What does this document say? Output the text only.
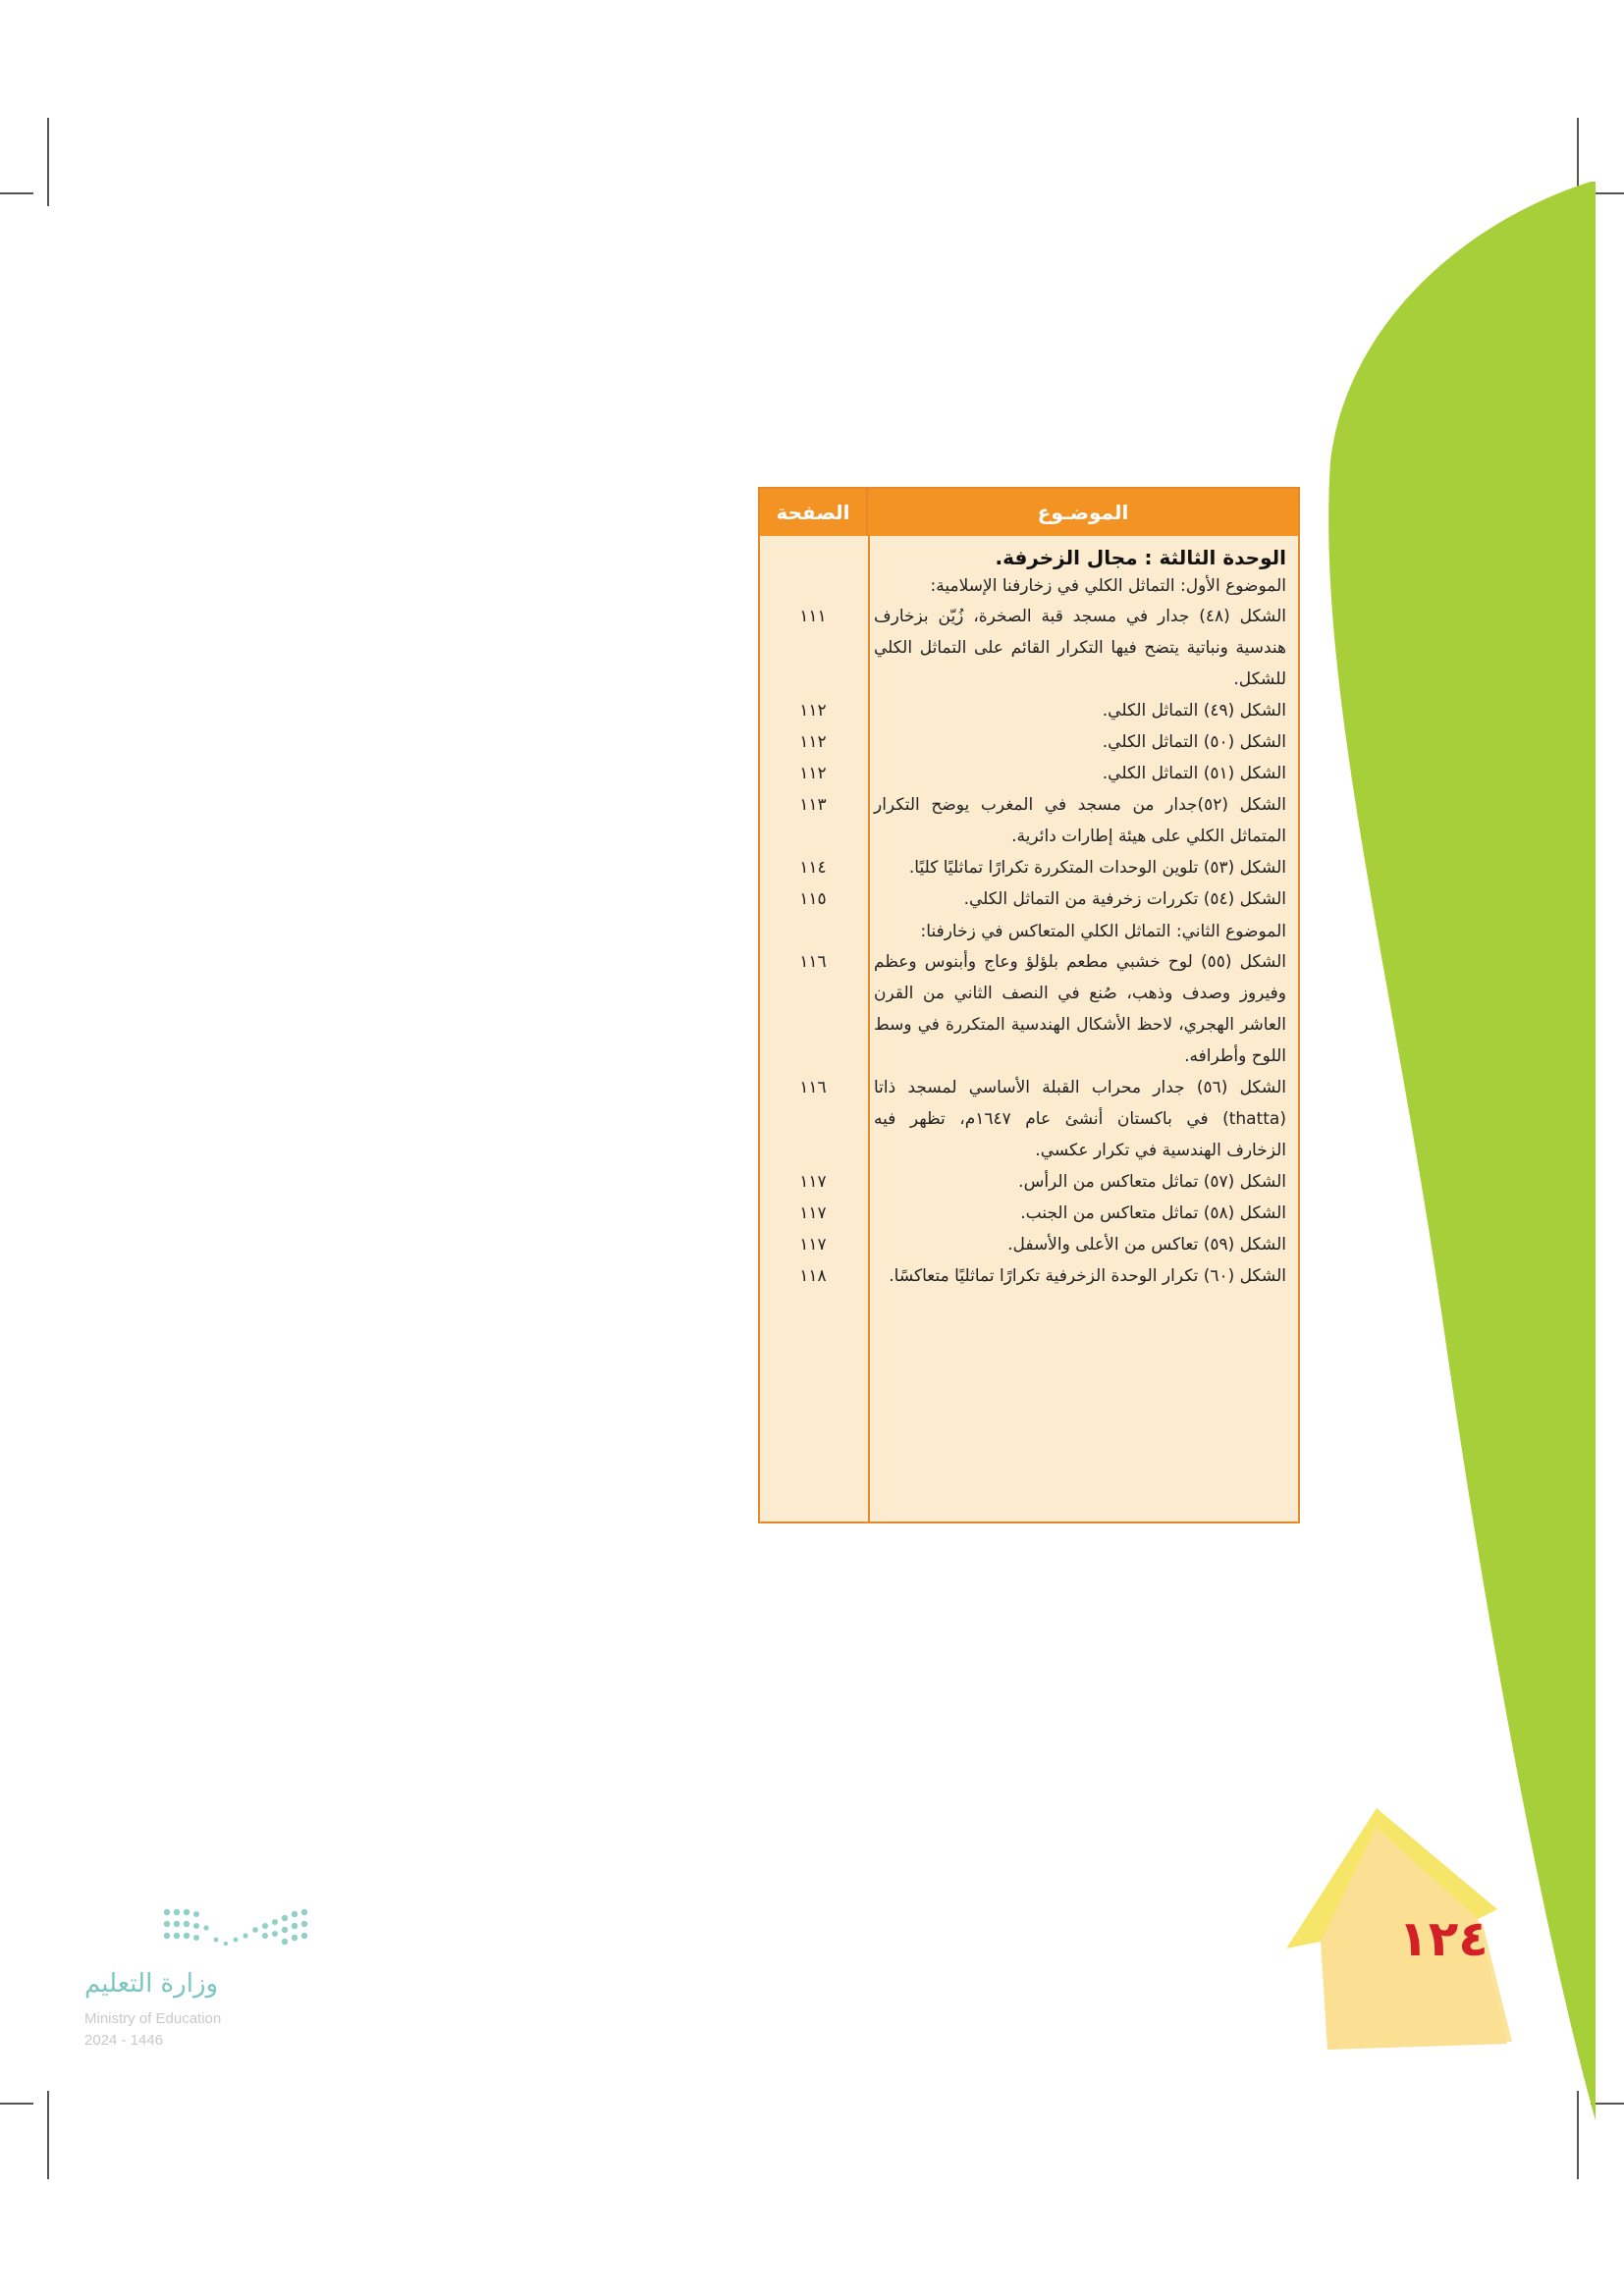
الموضـوع
الصفحة
الوحدة الثالثة : مجال الزخرفة.
الموضوع الأول: التماثل الكلي في زخارفنا الإسلامية:
الشكل (٤٨) جدار في مسجد قبة الصخرة، زُيّن بزخارف هندسية ونباتية يتضح فيها التكرار القائم على التماثل الكلي للشكل.
١١١
الشكل (٤٩) التماثل الكلي.
١١٢
الشكل (٥٠) التماثل الكلي.
١١٢
الشكل (٥١) التماثل الكلي.
١١٢
الشكل (٥٢)جدار من مسجد في المغرب يوضح التكرار المتماثل الكلي على هيئة إطارات دائرية.
١١٣
الشكل (٥٣) تلوين الوحدات المتكررة تكرارًا تماثليًا كليًا.
١١٤
الشكل (٥٤) تكررات زخرفية من التماثل الكلي.
١١٥
الموضوع الثاني: التماثل الكلي المتعاكس في زخارفنا:
الشكل (٥٥) لوح خشبي مطعم بلؤلؤ وعاج وأبنوس وعظم وفيروز وصدف وذهب، صُنع في النصف الثاني من القرن العاشر الهجري، لاحظ الأشكال الهندسية المتكررة في وسط اللوح وأطرافه.
١١٦
الشكل (٥٦) جدار محراب القبلة الأساسي لمسجد ذاتا (thatta) في باكستان أنشئ عام ١٦٤٧م، تظهر فيه الزخارف الهندسية في تكرار عكسي.
١١٦
الشكل (٥٧) تماثل متعاكس من الرأس.
١١٧
الشكل (٥٨) تماثل متعاكس من الجنب.
١١٧
الشكل (٥٩) تعاكس من الأعلى والأسفل.
١١٧
الشكل (٦٠) تكرار الوحدة الزخرفية تكرارًا تماثليًا متعاكسًا.
١١٨
١٢٤
وزارة التعليم
Ministry of Education
2024 - 1446
